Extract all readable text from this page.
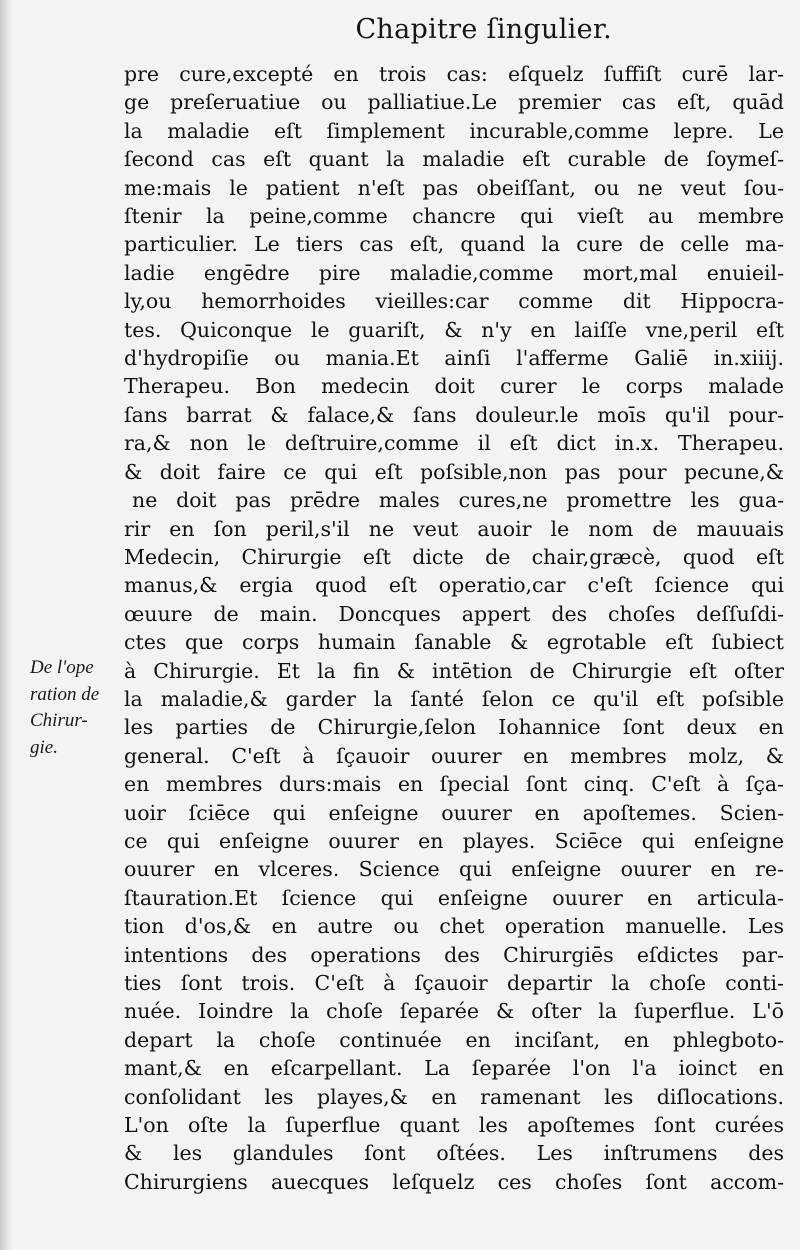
Chapitre ſingulier.
De l'ope
ration de
Chirur-
gie.
pre cure,excepté en trois cas: eſquelz ſuffiſt curē lar-
ge preſeruatiue ou palliatiue.Le premier cas eſt, quād
la maladie eſt ſimplement incurable,comme lepre. Le
ſecond cas eſt quant la maladie eſt curable de ſoymeſ-
me:mais le patient n'eſt pas obeiſſant, ou ne veut ſou-
ſtenir la peine,comme chancre qui vieſt au membre
particulier. Le tiers cas eſt, quand la cure de celle ma-
ladie engēdre pire maladie,comme mort,mal enuieil-
ly,ou hemorrhoides vieilles:car comme dit Hippocra-
tes. Quiconque le guariſt, & n'y en laiſſe vne,peril eſt
d'hydropiſie ou mania.Et ainſi l'afferme Galiē in.xiiij.
Therapeu. Bon medecin doit curer le corps malade
ſans barrat & falace,& ſans douleur.le moīs qu'il pour-
ra,& non le deſtruire,comme il eſt dict in.x. Therapeu.
& doit faire ce qui eſt poſsible,non pas pour pecune,&
ne doit pas prēdre males cures,ne promettre les gua-
rir en ſon peril,s'il ne veut auoir le nom de mauuais
Medecin, Chirurgie eſt dicte de chair,græcè, quod eſt
manus,& ergia quod eſt operatio,car c'eſt ſcience qui
œuure de main. Doncques appert des choſes deſſuſdi-
ctes que corps humain ſanable & egrotable eſt ſubiect
à Chirurgie. Et la fin & intētion de Chirurgie eſt oſter
la maladie,& garder la ſanté ſelon ce qu'il eſt poſsible
les parties de Chirurgie,ſelon Iohannice ſont deux en
general. C'eſt à ſçauoir ouurer en membres molz, &
en membres durs:mais en ſpecial ſont cinq. C'eſt à ſça-
uoir ſciēce qui enſeigne ouurer en apoſtemes. Scien-
ce qui enſeigne ouurer en playes. Sciēce qui enſeigne
ouurer en vlceres. Science qui enſeigne ouurer en re-
ſtauration.Et ſcience qui enſeigne ouurer en articula-
tion d'os,& en autre ou chet operation manuelle. Les
intentions des operations des Chirurgiēs eſdictes par-
ties ſont trois. C'eſt à ſçauoir departir la choſe conti-
nuée. Ioindre la choſe ſeparée & oſter la ſuperflue. L'ō
depart la choſe continuée en inciſant, en phlegboto-
mant,& en eſcarpellant. La ſeparée l'on l'a ioinct en
conſolidant les playes,& en ramenant les diſlocations.
L'on oſte la ſuperflue quant les apoſtemes ſont curées
& les glandules ſont oſtées. Les inſtrumens des
Chirurgiens auecques leſquelz ces choſes ſont accom-
